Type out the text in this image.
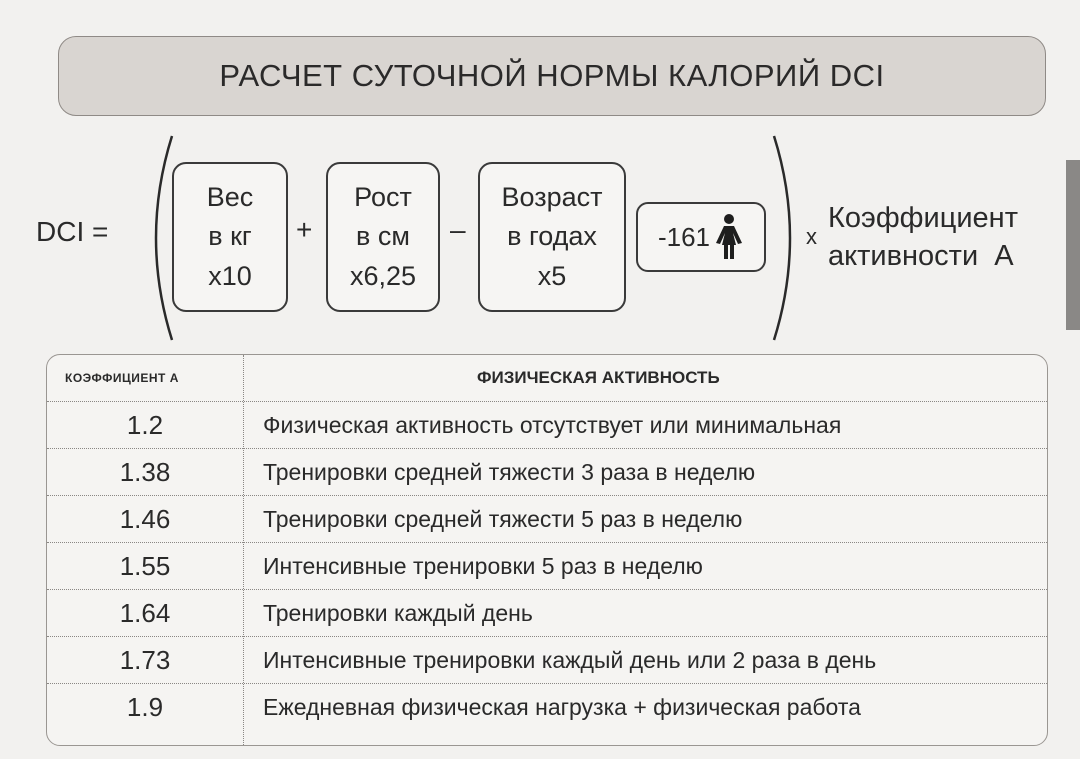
РАСЧЕТ СУТОЧНОЙ НОРМЫ КАЛОРИЙ DCI
DCI =
Вес
в кг
x10
+
Рост
в см
x6,25
–
Возраст
в годах
x5
-161	x
Коэффициент
активности  А
КОЭФФИЦИЕНТ А	ФИЗИЧЕСКАЯ АКТИВНОСТЬ
1.2	Физическая активность отсутствует или минимальная
1.38	Тренировки средней тяжести 3 раза в неделю
1.46	Тренировки средней тяжести 5 раз в неделю
1.55	Интенсивные тренировки 5 раз в неделю
1.64	Тренировки каждый день
1.73	Интенсивные тренировки каждый день или 2 раза в день
1.9	Ежедневная физическая нагрузка + физическая работа
